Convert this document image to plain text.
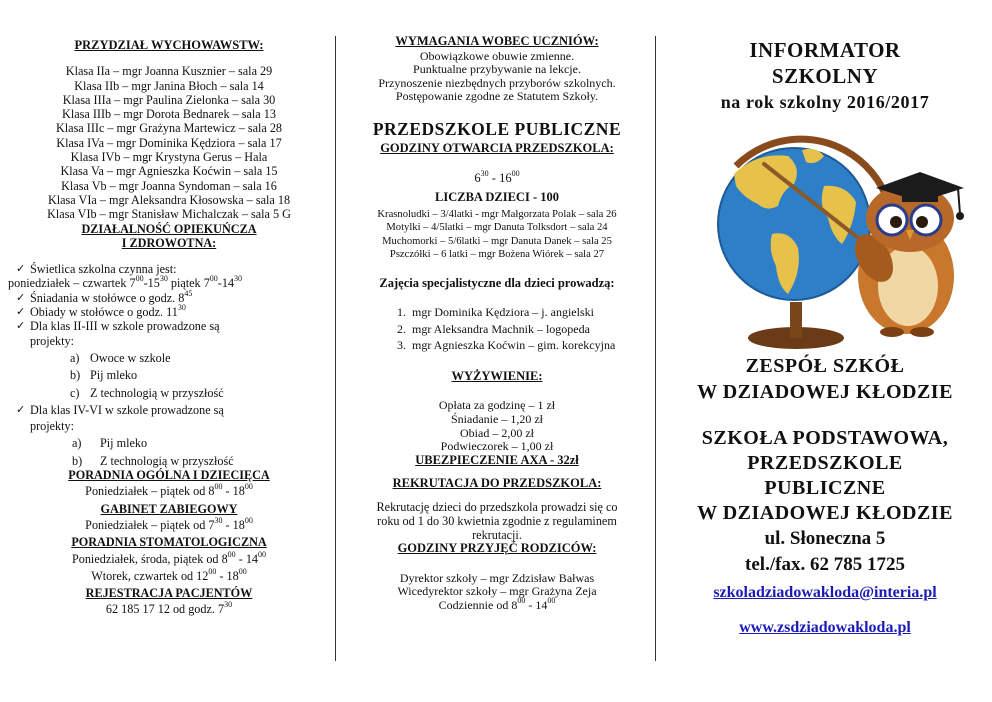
PRZYDZIAŁ WYCHOWAWSTW:
Klasa IIa – mgr Joanna Kusznier – sala 29
Klasa IIb – mgr Janina Błoch – sala 14
Klasa IIIa – mgr Paulina Zielonka – sala 30
Klasa IIIb – mgr Dorota Bednarek – sala 13
Klasa IIIc – mgr Grażyna Martewicz – sala 28
Klasa IVa – mgr Dominika Kędziora – sala 17
Klasa IVb – mgr Krystyna Gerus – Hala
Klasa Va – mgr Agnieszka Koćwin – sala 15
Klasa Vb – mgr Joanna Syndoman – sala 16
Klasa VIa – mgr Aleksandra Kłosowska – sala 18
Klasa VIb – mgr Stanisław Michalczak – sala 5 G
DZIAŁALNOŚĆ OPIEKUŃCZA
I ZDROWOTNA:
✓ Świetlica szkolna czynna jest:
poniedziałek – czwartek $7^{00}-15^{30}$ piątek $7^{00}-14^{30}$
✓ Śniadania w stołówce o godz. $8^{45}$
✓ Obiady w stołówce o godz. $11^{30}$
✓ Dla klas II-III w szkole prowadzone są
projekty:
a) Owoce w szkole
b) Pij mleko
c) Z technologią w przyszłość
✓ Dla klas IV-VI w szkole prowadzone są
projekty:
a) Pij mleko
b) Z technologią w przyszłość
PORADNIA OGÓLNA I DZIECIĘCA
Poniedziałek – piątek od $8^{00} - 18^{00}$
GABINET ZABIEGOWY
Poniedziałek – piątek od $7^{30} - 18^{00}$
PORADNIA STOMATOLOGICZNA
Poniedziałek, środa, piątek od $8^{00} - 14^{00}$
Wtorek, czwartek od $12^{00} - 18^{00}$
REJESTRACJA PACJENTÓW
62 185 17 12 od godz. $7^{30}$
WYMAGANIA WOBEC UCZNIÓW:
Obowiązkowe obuwie zmienne.
Punktualne przybywanie na lekcje.
Przynoszenie niezbędnych przyborów szkolnych.
Postępowanie zgodne ze Statutem Szkoły.
PRZEDSZKOLE PUBLICZNE
GODZINY OTWARCIA PRZEDSZKOLA:
$6^{30} - 16^{00}$
LICZBA DZIECI - 100
Krasnoludki – 3/4latki - mgr Małgorzata Polak – sala 26
Motylki – 4/5latki – mgr Danuta Tolksdort – sala 24
Muchomorki – 5/6latki – mgr Danuta Danek – sala 25
Pszczółki – 6 latki – mgr Bożena Wiórek – sala 27
Zajęcia specjalistyczne dla dzieci prowadzą:
1. mgr Dominika Kędziora – j. angielski
2. mgr Aleksandra Machnik – logopeda
3. mgr Agnieszka Koćwin – gim. korekcyjna
WYŻYWIENIE:
Opłata za godzinę – 1 zł
Śniadanie – 1,20 zł
Obiad – 2,00 zł
Podwieczorek – 1,00 zł
UBEZPIECZENIE AXA - 32zł
REKRUTACJA DO PRZEDSZKOLA:
Rekrutację dzieci do przedszkola prowadzi się co
roku od 1 do 30 kwietnia zgodnie z regulaminem
rekrutacji.
GODZINY PRZYJĘĆ RODZICÓW:
Dyrektor szkoły – mgr Zdzisław Bałwas
Wicedyrektor szkoły – mgr Grażyna Zeja
Codziennie od $8^{00} - 14^{00}$
INFORMATOR
SZKOLNY
na rok szkolny 2016/2017
ZESPÓŁ SZKÓŁ
W DZIADOWEJ KŁODZIE
SZKOŁA PODSTAWOWA,
PRZEDSZKOLE
PUBLICZNE
W DZIADOWEJ KŁODZIE
ul. Słoneczna 5
tel./fax. 62 785 1725
szkoladziadowakloda@interia.pl
www.zsdziadowakloda.pl
